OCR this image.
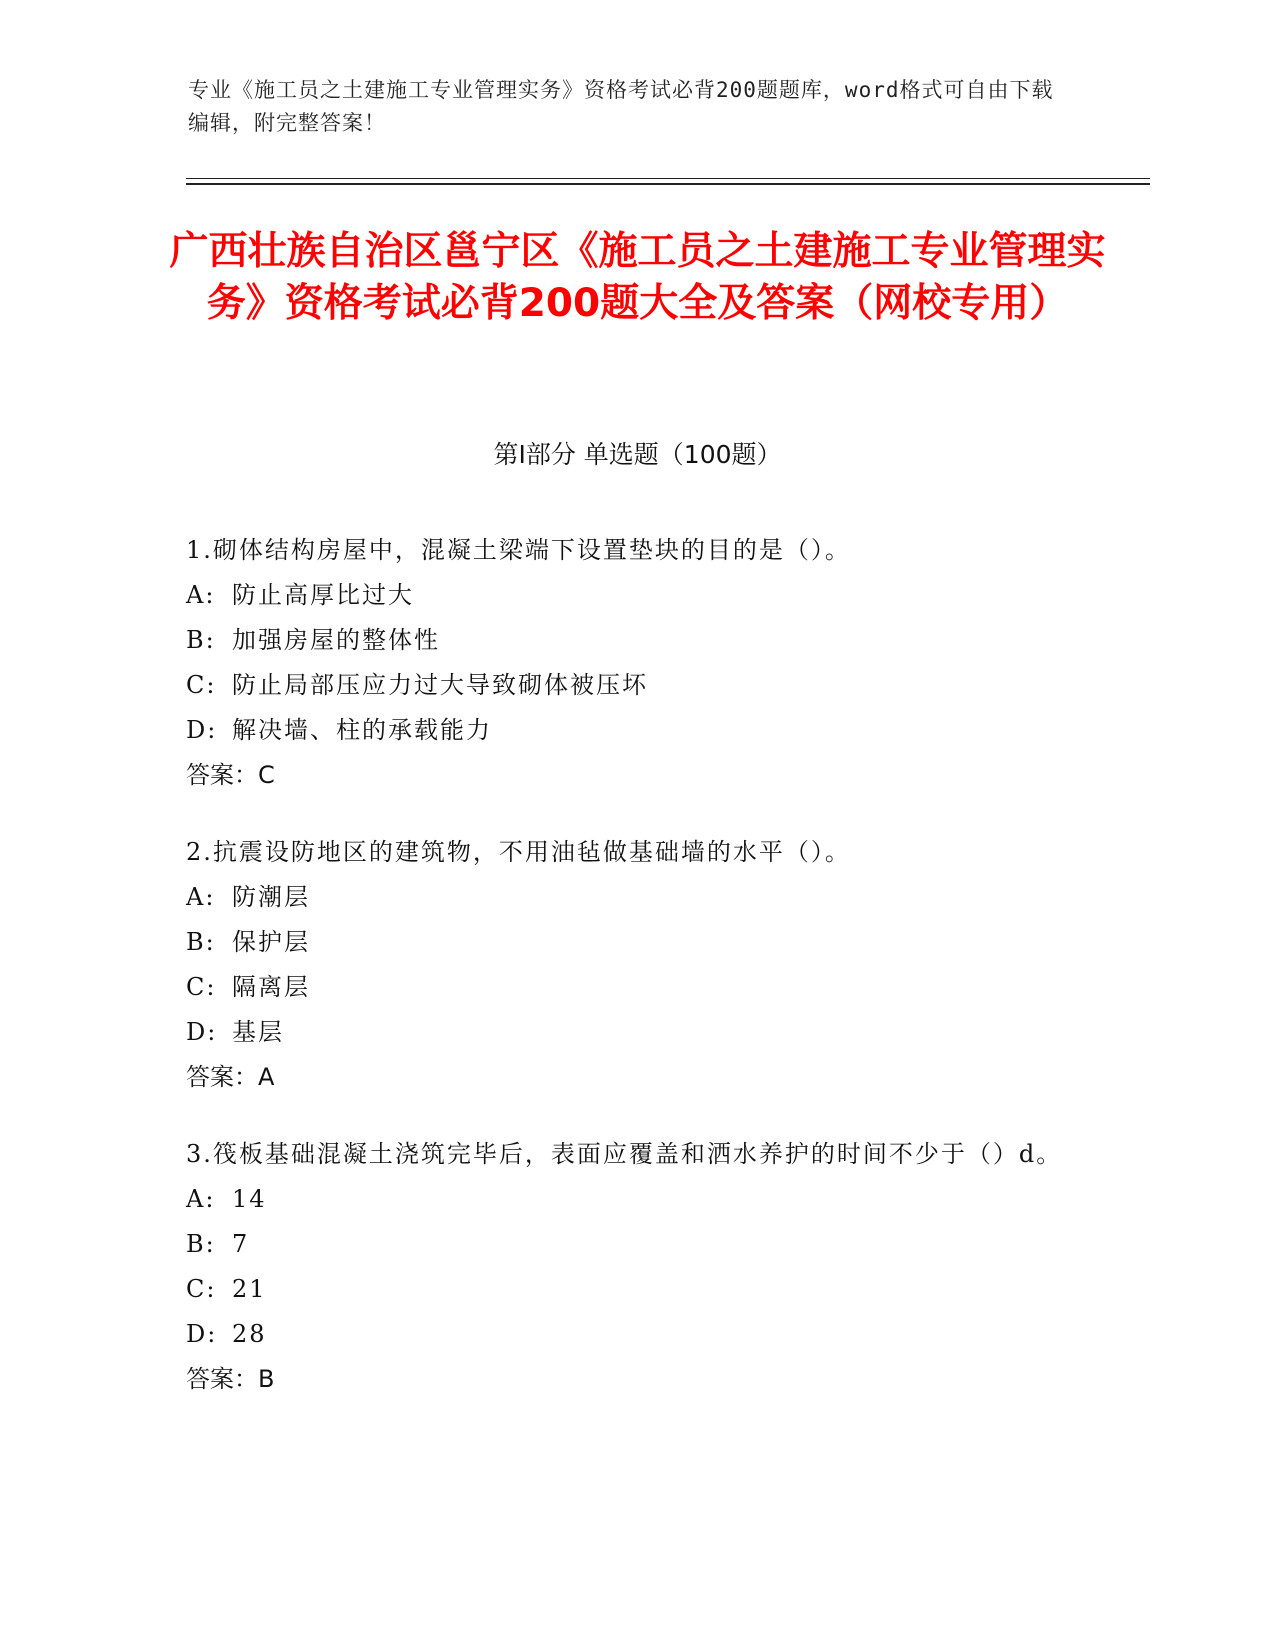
专业《施工员之土建施工专业管理实务》资格考试必背200题题库，word格式可自由下载编辑，附完整答案！
广西壮族自治区邕宁区《施工员之土建施工专业管理实务》资格考试必背200题大全及答案（网校专用）
第Ⅰ部分 单选题（100题）
1.砌体结构房屋中，混凝土梁端下设置垫块的目的是（）。
A: 防止高厚比过大
B: 加强房屋的整体性
C: 防止局部压应力过大导致砌体被压坏
D: 解决墙、柱的承载能力
答案：C
2.抗震设防地区的建筑物，不用油毡做基础墙的水平（）。
A: 防潮层
B: 保护层
C: 隔离层
D: 基层
答案：A
3.筏板基础混凝土浇筑完毕后，表面应覆盖和洒水养护的时间不少于（）d。
A: 14
B: 7
C: 21
D: 28
答案：B
